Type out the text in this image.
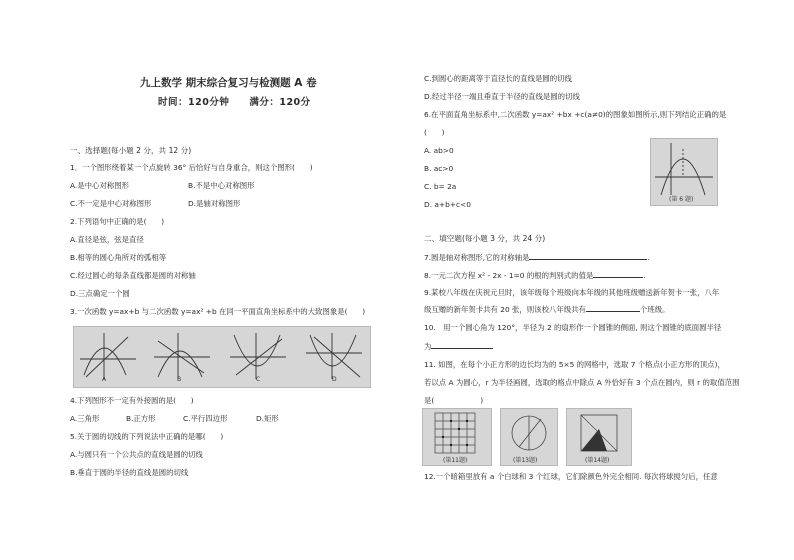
九上数学 期末综合复习与检测题 A 卷
时间：120分钟　　满分：120分
一、选择题(每小题 2 分，共 12 分)
1．一个图形绕着某一个点旋转 36° 后恰好与自身重合，则这个图形(　　)
A.是中心对称图形	B.不是中心对称图形
C.不一定是中心对称图形	D.是轴对称图形
2.下列语句中正确的是(　　)
A.直径是弦，弦是直径
B.相等的圆心角所对的弧相等
C.经过圆心的每条直线都是圆的对称轴
D.三点确定一个圆
3.一次函数 y=ax+b 与二次函数 y=ax² +b 在同一平面直角坐标系中的大致图象是(　　)
A	B	C	D
4.下列图形不一定有外接圆的是(　　)
A.三角形	B.正方形	C.平行四边形	D.矩形
5.关于圆的切线的下列说法中正确的是哪(　　)
A.与圆只有一个公共点的直线是圆的切线
B.垂直于圆的半径的直线是圆的切线
C.到圆心的距离等于直径长的直线是圆的切线
D.经过半径一端且垂直于半径的直线是圆的切线
6.在平面直角坐标系中,二次函数 y=ax² +bx +c(a≠0)的图象如图所示,则下列结论正确的是
(　　)
A. ab>0
B. ac>0
C. b= 2a
D. a+b+c<0
(第 6 题)
二、填空题(每小题 3 分，共 24 分)
7.圆是轴对称图形,它的对称轴是	.
8.一元二次方程 x² - 2x - 1=0 的根的判别式的值是	.
9.某校八年级在庆祝元旦时，该年级每个班级向本年级的其他班级赠送新年贺卡一张，八年
级互赠的新年贺卡共有 20 张，则该校八年级共有	个班级。
10.　用一个圆心角为 120°，半径为 2 的扇形作一个圆锥的侧面, 则这个圆锥的底面圆半径
为
11. 如图，在每个小正方形的边长均为的 5×5 的网格中，选取 7 个格点(小正方形的顶点)，
若以点 A 为圆心，r 为半径画圆，选取的格点中除点 A 外恰好有 3 个点在圆内，则 r 的取值范围
是(	)
(第11题)	(第13题)	(第14题)
12.一个暗箱里放有 a 个白球和 3 个红球，它们除颜色外完全相同. 每次将球搅匀后，任意
